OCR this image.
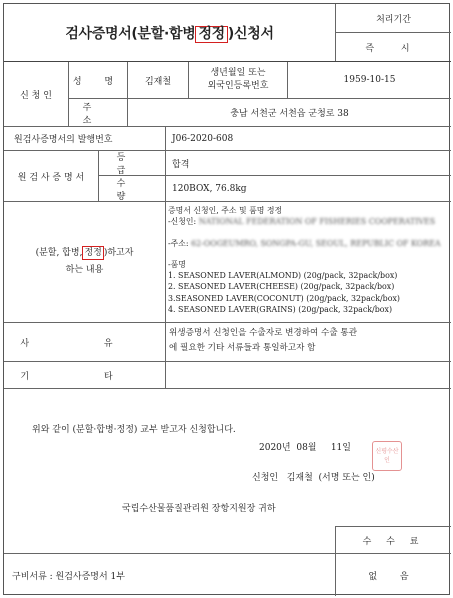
검사증명서(분할·합병 정정 )신청서
처리기간
즉 시
신 청 인
성 명	김재철
생년월일 또는
외국인등록번호
1959-10-15
주 소
충남 서천군 서천읍 군청로 38
원검사증명서의 발행번호	J06-2020-608
원 검 사 증 명 서
등 급
합격
수 량
120BOX, 76.8kg
(분할, 합병, 정정 )하고자
하는 내용
증명서 신청인, 주소 및 품명 정정
-신청인: NATIONAL FEDERATION OF FISHERIES COOPERATIVES
-주소: 62-OOGEUMRO, SONGPA-GU, SEOUL, REPUBLIC OF KOREA
-품명
1. SEASONED LAVER(ALMOND) (20g/pack, 32pack/box)
2. SEASONED LAVER(CHEESE) (20g/pack, 32pack/box)
3.SEASONED LAVER(COCONUT) (20g/pack, 32pack/box)
4. SEASONED LAVER(GRAINS) (20g/pack, 32pack/box)
사 유
위생증명서 신청인을 수출자로 변경하여 수출 통관
에 필요한 기타 서류들과 통일하고자 함
기 타
위와 같이 (분할·합병·정정) 교부 받고자 신청합니다.
2020년 08월 11일
신청인 김재철 (서명 또는 인)
신평수산 인
국립수산물품질관리원 장항지원장 귀하
구비서류 : 원검사증명서 1부
수 수 료
없 음
